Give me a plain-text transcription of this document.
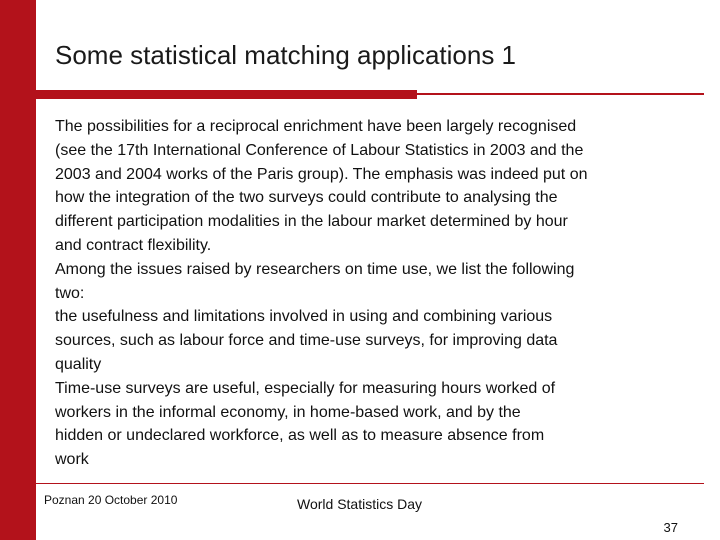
Some statistical matching applications 1
The possibilities for a reciprocal enrichment have been largely recognised
(see the 17th International Conference of Labour Statistics in 2003 and the
2003 and 2004 works of the Paris group). The emphasis was indeed put on
how the integration of the two surveys could contribute to analysing the
different participation modalities in the labour market determined by hour
and contract flexibility.
Among the issues raised by researchers on time use, we list the following
two:
the usefulness and limitations involved in using and combining various
sources, such as labour force and time-use surveys, for improving data
quality
Time-use surveys are useful, especially for measuring hours worked of
workers in the informal economy, in home-based work, and by the
hidden or undeclared workforce, as well as to measure absence from
work
Poznan 20 October 2010	World Statistics Day
37
